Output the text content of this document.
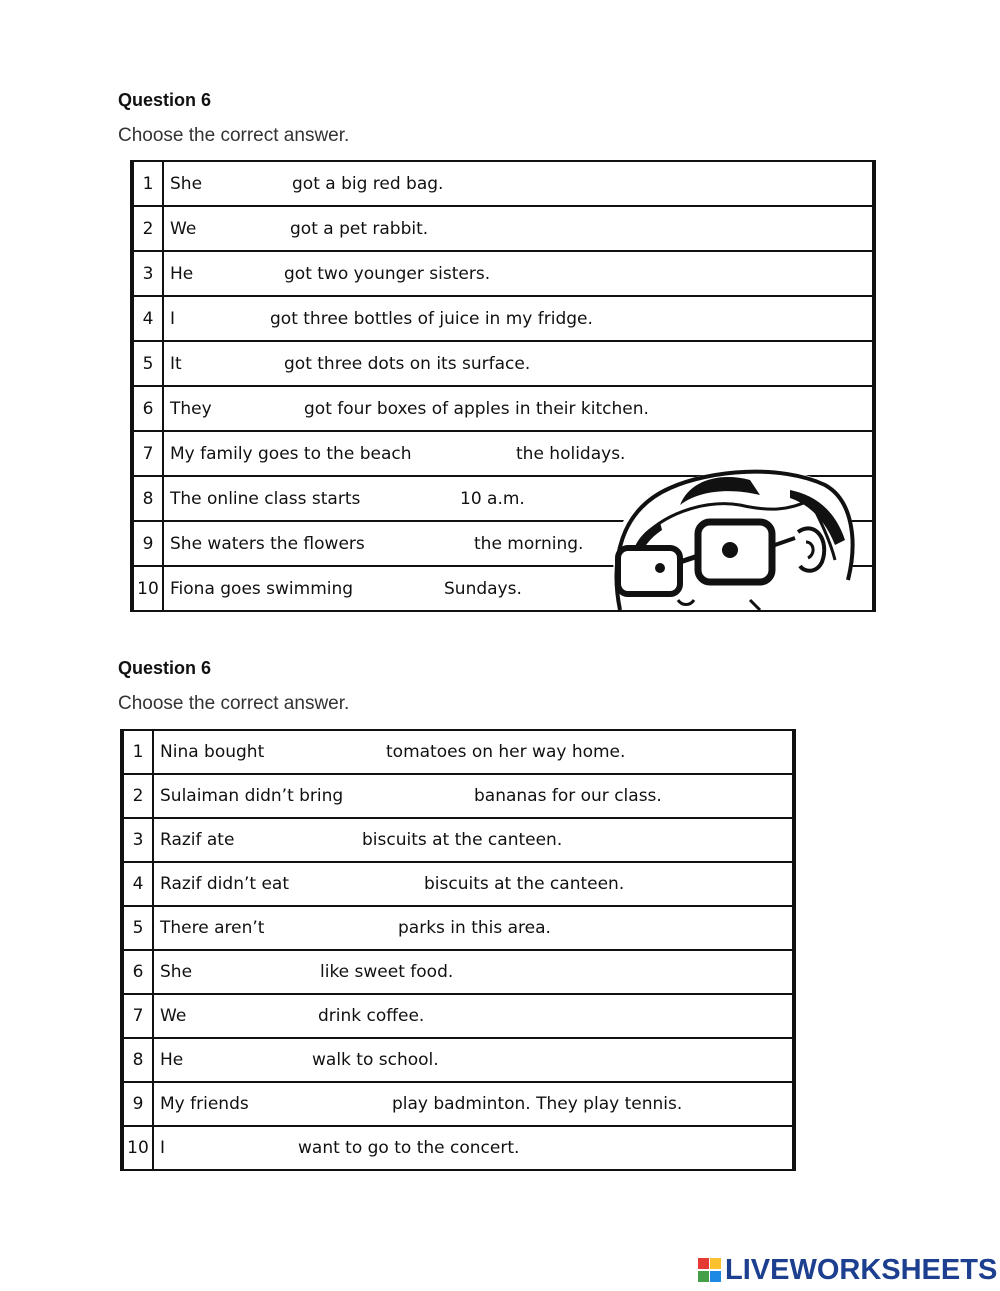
Question 6
Choose the correct answer.
1	She got a big red bag.

2	We got a pet rabbit.

3	He got two younger sisters.

4	I got three bottles of juice in my fridge.

5	It got three dots on its surface.

6	They got four boxes of apples in their kitchen.

7	My family goes to the beach the holidays.

8	The online class starts 10 a.m.

9	She waters the flowers the morning.

10	Fiona goes swimming Sundays.
Question 6
Choose the correct answer.
1	Nina bought tomatoes on her way home.

2	Sulaiman didn’t bring bananas for our class.

3	Razif ate biscuits at the canteen.

4	Razif didn’t eat biscuits at the canteen.

5	There aren’t parks in this area.

6	She like sweet food.

7	We drink coffee.

8	He walk to school.

9	My friends play badminton. They play tennis.

10	I want to go to the concert.
LIVEWORKSHEETS
